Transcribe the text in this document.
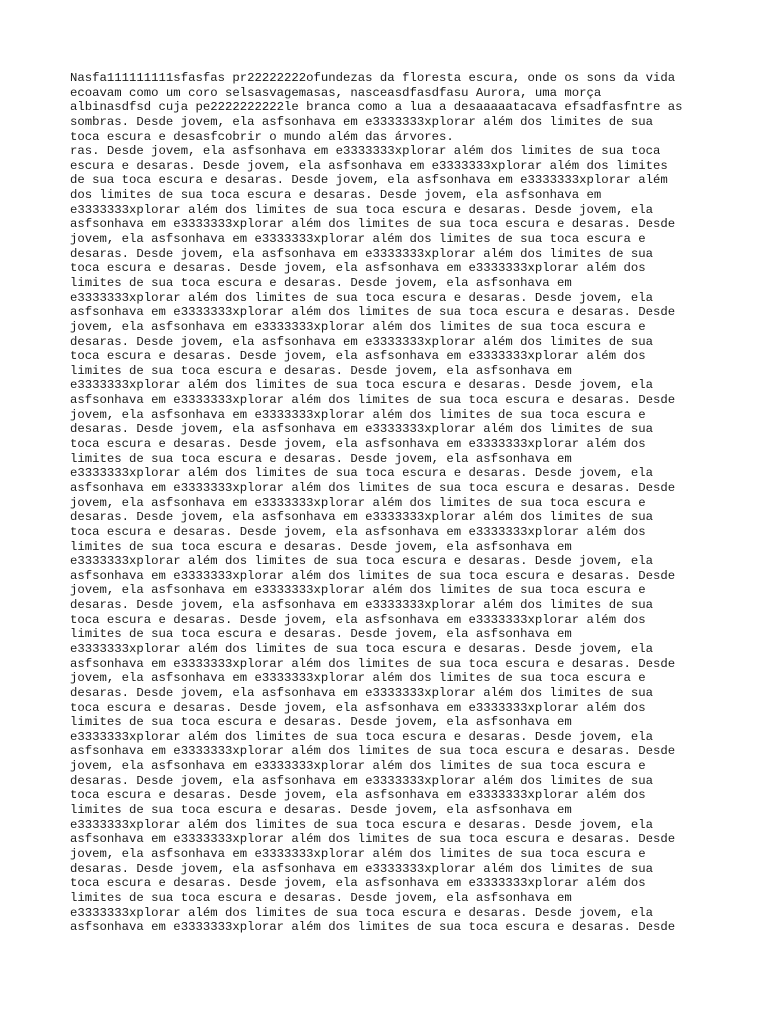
Nasfa111111111sfasfas pr22222222ofundezas da floresta escura, onde os sons da vida
ecoavam como um coro selsasvagemasas, nasceasdfasdfasu Aurora, uma morça
albinasdfsd cuja pe2222222222le branca como a lua a desaaaaatacava efsadfasfntre as
sombras. Desde jovem, ela asfsonhava em e3333333xplorar além dos limites de sua
toca escura e desasfcobrir o mundo além das árvores.
ras. Desde jovem, ela asfsonhava em e3333333xplorar além dos limites de sua toca
escura e desaras. Desde jovem, ela asfsonhava em e3333333xplorar além dos limites
de sua toca escura e desaras. Desde jovem, ela asfsonhava em e3333333xplorar além
dos limites de sua toca escura e desaras. Desde jovem, ela asfsonhava em
e3333333xplorar além dos limites de sua toca escura e desaras. Desde jovem, ela
asfsonhava em e3333333xplorar além dos limites de sua toca escura e desaras. Desde
jovem, ela asfsonhava em e3333333xplorar além dos limites de sua toca escura e
desaras. Desde jovem, ela asfsonhava em e3333333xplorar além dos limites de sua
toca escura e desaras. Desde jovem, ela asfsonhava em e3333333xplorar além dos
limites de sua toca escura e desaras. Desde jovem, ela asfsonhava em
e3333333xplorar além dos limites de sua toca escura e desaras. Desde jovem, ela
asfsonhava em e3333333xplorar além dos limites de sua toca escura e desaras. Desde
jovem, ela asfsonhava em e3333333xplorar além dos limites de sua toca escura e
desaras. Desde jovem, ela asfsonhava em e3333333xplorar além dos limites de sua
toca escura e desaras. Desde jovem, ela asfsonhava em e3333333xplorar além dos
limites de sua toca escura e desaras. Desde jovem, ela asfsonhava em
e3333333xplorar além dos limites de sua toca escura e desaras. Desde jovem, ela
asfsonhava em e3333333xplorar além dos limites de sua toca escura e desaras. Desde
jovem, ela asfsonhava em e3333333xplorar além dos limites de sua toca escura e
desaras. Desde jovem, ela asfsonhava em e3333333xplorar além dos limites de sua
toca escura e desaras. Desde jovem, ela asfsonhava em e3333333xplorar além dos
limites de sua toca escura e desaras. Desde jovem, ela asfsonhava em
e3333333xplorar além dos limites de sua toca escura e desaras. Desde jovem, ela
asfsonhava em e3333333xplorar além dos limites de sua toca escura e desaras. Desde
jovem, ela asfsonhava em e3333333xplorar além dos limites de sua toca escura e
desaras. Desde jovem, ela asfsonhava em e3333333xplorar além dos limites de sua
toca escura e desaras. Desde jovem, ela asfsonhava em e3333333xplorar além dos
limites de sua toca escura e desaras. Desde jovem, ela asfsonhava em
e3333333xplorar além dos limites de sua toca escura e desaras. Desde jovem, ela
asfsonhava em e3333333xplorar além dos limites de sua toca escura e desaras. Desde
jovem, ela asfsonhava em e3333333xplorar além dos limites de sua toca escura e
desaras. Desde jovem, ela asfsonhava em e3333333xplorar além dos limites de sua
toca escura e desaras. Desde jovem, ela asfsonhava em e3333333xplorar além dos
limites de sua toca escura e desaras. Desde jovem, ela asfsonhava em
e3333333xplorar além dos limites de sua toca escura e desaras. Desde jovem, ela
asfsonhava em e3333333xplorar além dos limites de sua toca escura e desaras. Desde
jovem, ela asfsonhava em e3333333xplorar além dos limites de sua toca escura e
desaras. Desde jovem, ela asfsonhava em e3333333xplorar além dos limites de sua
toca escura e desaras. Desde jovem, ela asfsonhava em e3333333xplorar além dos
limites de sua toca escura e desaras. Desde jovem, ela asfsonhava em
e3333333xplorar além dos limites de sua toca escura e desaras. Desde jovem, ela
asfsonhava em e3333333xplorar além dos limites de sua toca escura e desaras. Desde
jovem, ela asfsonhava em e3333333xplorar além dos limites de sua toca escura e
desaras. Desde jovem, ela asfsonhava em e3333333xplorar além dos limites de sua
toca escura e desaras. Desde jovem, ela asfsonhava em e3333333xplorar além dos
limites de sua toca escura e desaras. Desde jovem, ela asfsonhava em
e3333333xplorar além dos limites de sua toca escura e desaras. Desde jovem, ela
asfsonhava em e3333333xplorar além dos limites de sua toca escura e desaras. Desde
jovem, ela asfsonhava em e3333333xplorar além dos limites de sua toca escura e
desaras. Desde jovem, ela asfsonhava em e3333333xplorar além dos limites de sua
toca escura e desaras. Desde jovem, ela asfsonhava em e3333333xplorar além dos
limites de sua toca escura e desaras. Desde jovem, ela asfsonhava em
e3333333xplorar além dos limites de sua toca escura e desaras. Desde jovem, ela
asfsonhava em e3333333xplorar além dos limites de sua toca escura e desaras. Desde
